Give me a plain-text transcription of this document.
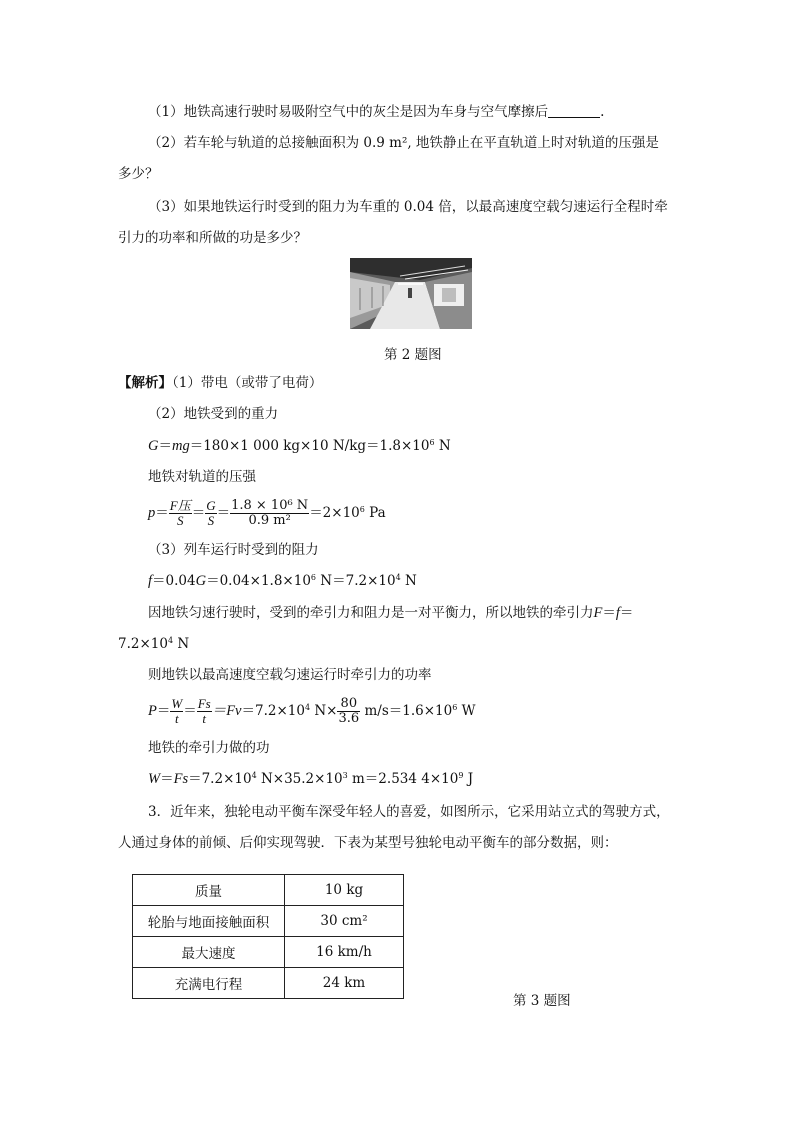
（1）地铁高速行驶时易吸附空气中的灰尘是因为车身与空气摩擦后	.
（2）若车轮与轨道的总接触面积为 0.9 m², 地铁静止在平直轨道上时对轨道的压强是
多少？
（3）如果地铁运行时受到的阻力为车重的 0.04 倍，以最高速度空载匀速运行全程时牵
引力的功率和所做的功是多少？
第 2 题图
【解析】（1）带电（或带了电荷）
（2）地铁受到的重力
G＝mg＝180×1 000 kg×10 $N/kg=1.8\times 10^6$ N
地铁对轨道的压强
$p= \frac{\text{F压}}{S} = \frac{G}{S} = \frac{\text{1.8 × 10⁶ N}}{\text{0.9 m²}} =2\times 10^6$ Pa
（3）列车运行时受到的阻力
$f=0.04G=0.04\times 1.8\times 10^6$ $N=7.2\times 10^4$ N
因地铁匀速行驶时，受到的牵引力和阻力是一对平衡力，所以地铁的牵引力F＝f＝
$7.2\times 10^4$ N
则地铁以最高速度空载匀速运行时牵引力的功率
$P= \frac{W}{t} = \frac{Fs}{t} =Fv=7.2\times 10^4$ $N\times \frac{80}{3.6} m/s=1.6\times 10^6$ W
地铁的牵引力做的功
$W=Fs=7.2\times 10^4$ $N\times 35.2\times 10^3$ m＝2.534 $4\times 10^9$ J
3．近年来，独轮电动平衡车深受年轻人的喜爱，如图所示，它采用站立式的驾驶方式，
人通过身体的前倾、后仰实现驾驶．下表为某型号独轮电动平衡车的部分数据，则：
质量	10 kg
轮胎与地面接触面积	30 cm²
最大速度	16 km/h
充满电行程	24 km
第 3 题图
